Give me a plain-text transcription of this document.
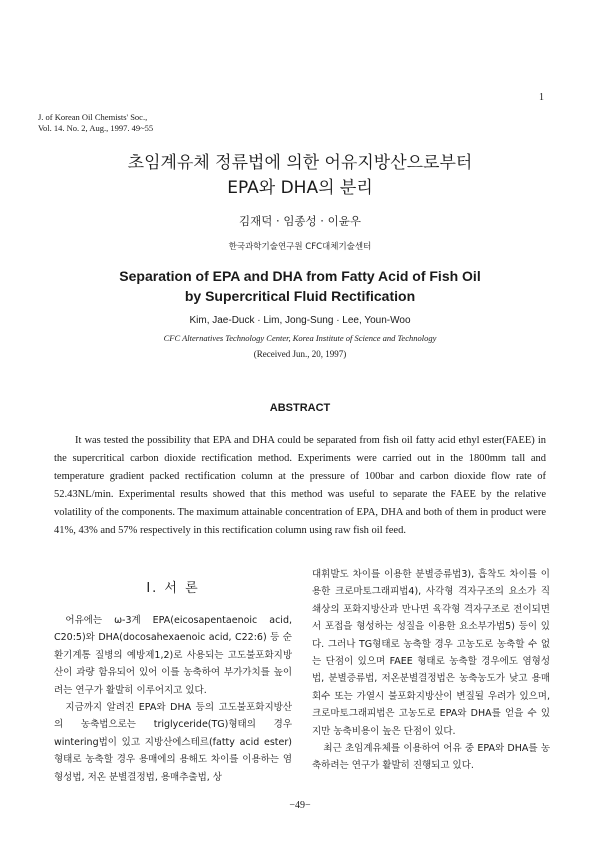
1
J. of Korean Oil Chemists' Soc.,
Vol. 14. No. 2, Aug., 1997. 49~55
초임계유체 정류법에 의한 어유지방산으로부터
EPA와 DHA의 분리
김재덕 · 임종성 · 이윤우
한국과학기술연구원 CFC대체기술센터
Separation of EPA and DHA from Fatty Acid of Fish Oil
by Supercritical Fluid Rectification
Kim, Jae-Duck · Lim, Jong-Sung · Lee, Youn-Woo
CFC Alternatives Technology Center, Korea Institute of Science and Technology
(Received Jun., 20, 1997)
ABSTRACT

It was tested the possibility that EPA and DHA could be separated from fish oil fatty acid ethyl ester(FAEE) in the supercritical carbon dioxide rectification method. Experiments were carried out in the 1800mm tall and temperature gradient packed rectification column at the pressure of 100bar and carbon dioxide flow rate of 52.43NL/min. Experimental results showed that this method was useful to separate the FAEE by the relative volatility of the components. The maximum attainable concentration of EPA, DHA and both of them in product were 41%, 43% and 57% respectively in this rectification column using raw fish oil feed.

I. 서 론

어유에는 ω-3계 EPA(eicosapentaenoic acid, C20:5)와 DHA(docosahexaenoic acid, C22:6) 등 순환기계통 질병의 예방제1,2)로 사용되는 고도불포화지방산이 과량 함유되어 있어 이를 농축하여 부가가치를 높이려는 연구가 활발히 이루어지고 있다.

지금까지 알려진 EPA와 DHA 등의 고도불포화지방산의 농축법으로는 triglyceride(TG)형태의 경우 wintering법이 있고 지방산에스테르(fatty acid ester) 형태로 농축할 경우 용매에의 용해도 차이를 이용하는 염형성법, 저온 분별결정법, 용매추출법, 상

대휘발도 차이를 이용한 분별증류법3), 흡착도 차이를 이용한 크로마토그래피법4), 사각형 격자구조의 요소가 직쇄상의 포화지방산과 만나면 육각형 격자구조로 전이되면서 포접을 형성하는 성질을 이용한 요소부가법5) 등이 있다. 그러나 TG형태로 농축할 경우 고농도로 농축할 수 없는 단점이 있으며 FAEE 형태로 농축할 경우에도 염형성법, 분별증류법, 저온분별결정법은 농축농도가 낮고 용매회수 또는 가열시 불포화지방산이 변질될 우려가 있으며, 크로마토그래피법은 고농도로 EPA와 DHA를 얻을 수 있지만 농축비용이 높은 단점이 있다.

최근 초임계유체를 이용하여 어유 중 EPA와 DHA를 농축하려는 연구가 활발히 진행되고 있다.

−49−
